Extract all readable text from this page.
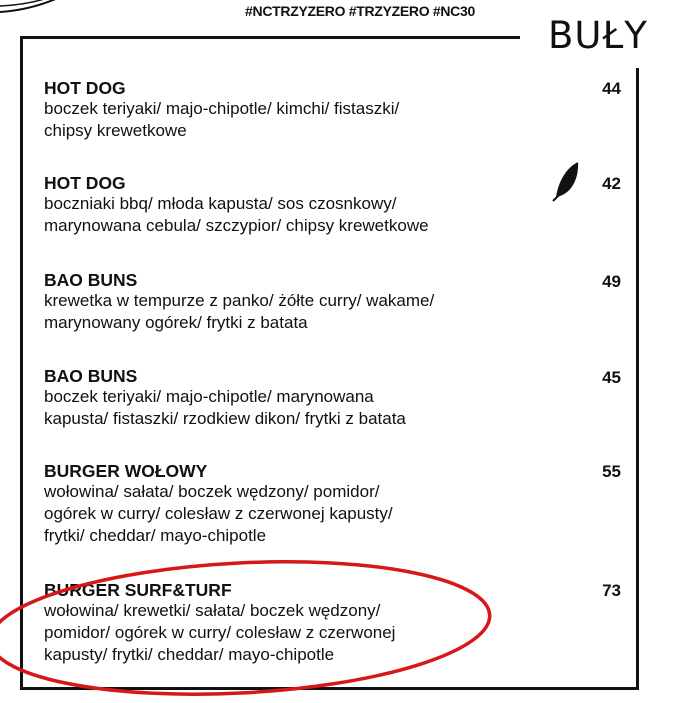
#NCTRZYZERO #TRZYZERO #NC30
BUŁY
HOT DOG
boczek teriyaki/ majo-chipotle/ kimchi/ fistaszki/
chipsy krewetkowe
44
HOT DOG
boczniaki bbq/ młoda kapusta/ sos czosnkowy/
marynowana cebula/ szczypior/ chipsy krewetkowe
42
BAO BUNS
krewetka w tempurze z panko/ żółte curry/ wakame/
marynowany ogórek/ frytki z batata
49
BAO BUNS
boczek teriyaki/ majo-chipotle/ marynowana
kapusta/ fistaszki/ rzodkiew dikon/ frytki z batata
45
BURGER WOŁOWY
wołowina/ sałata/ boczek wędzony/ pomidor/
ogórek w curry/ colesław z czerwonej kapusty/
frytki/ cheddar/ mayo-chipotle
55
BURGER SURF&TURF
wołowina/ krewetki/ sałata/ boczek wędzony/
pomidor/ ogórek w curry/ colesław z czerwonej
kapusty/ frytki/ cheddar/ mayo-chipotle
73
